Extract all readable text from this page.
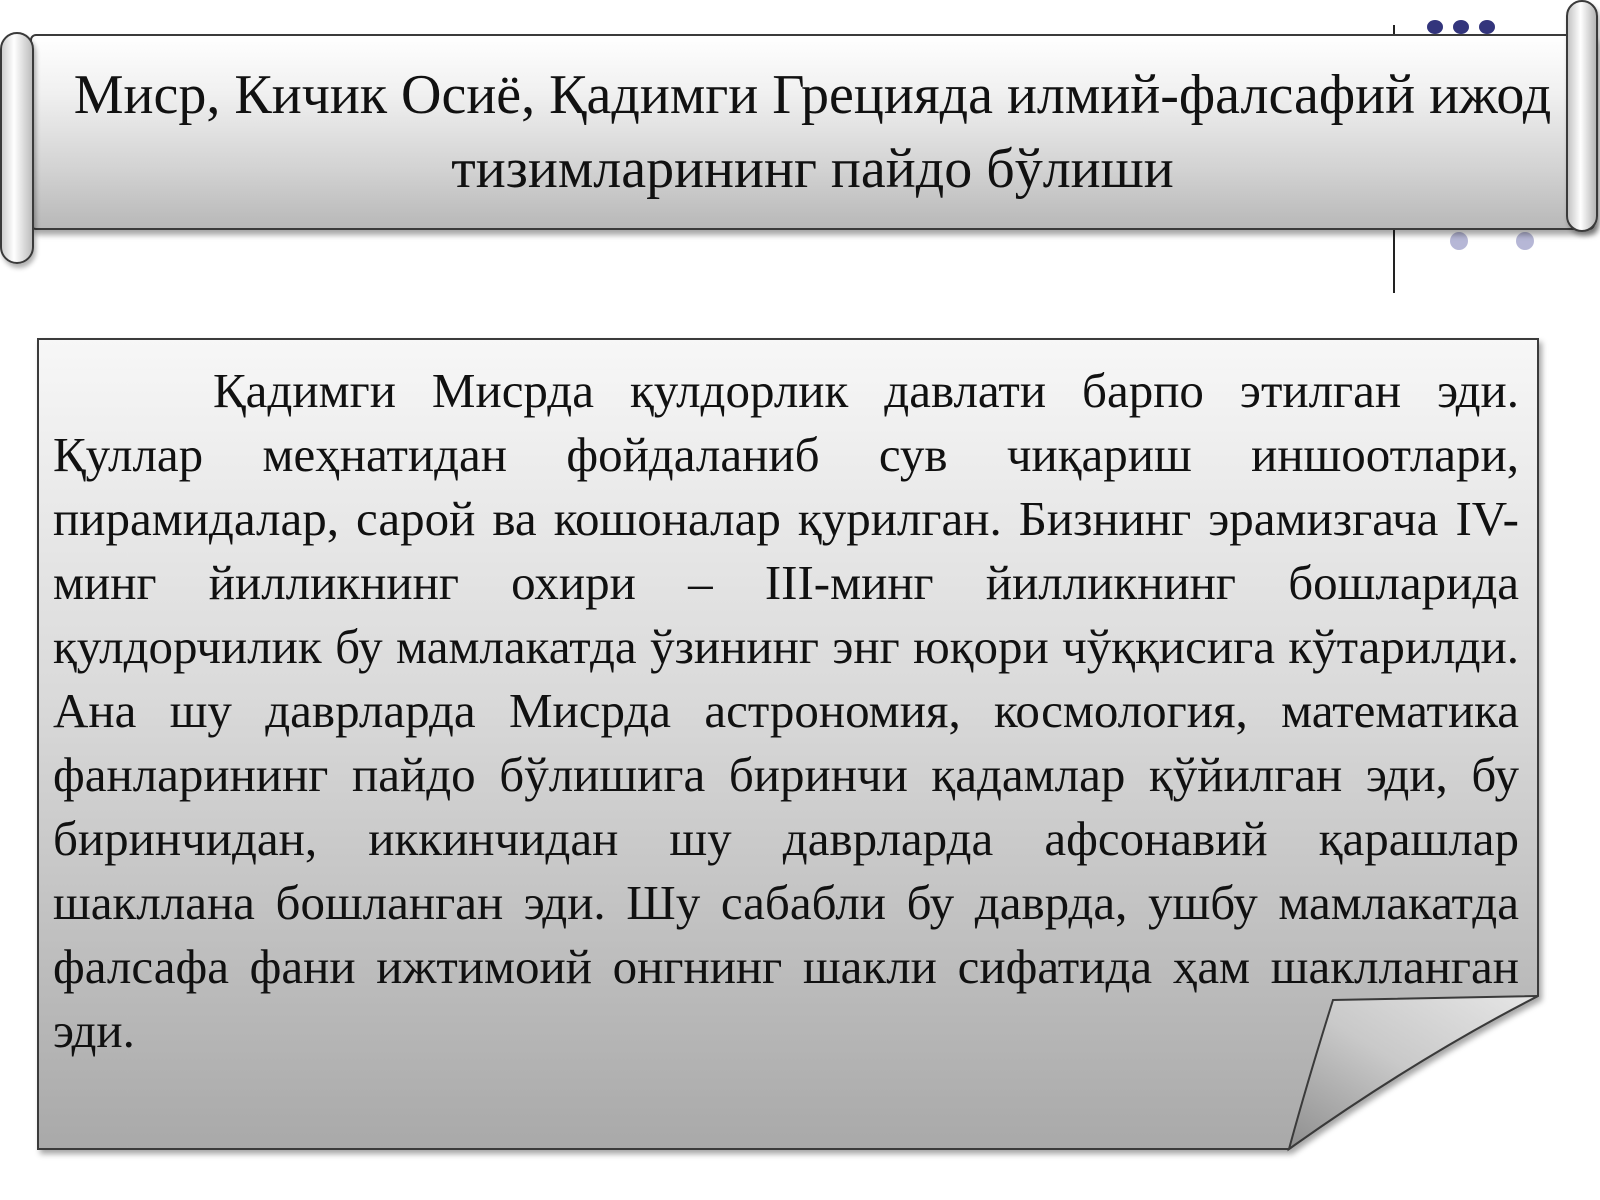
Миср, Кичик Осиё, Қадимги Грецияда илмий-фалсафий ижод тизимларининг пайдо бўлиши

Қадимги Мисрда қулдорлик давлати барпо этилган эди. Қуллар меҳнатидан фойдаланиб сув чиқариш иншоотлари, пирамидалар, сарой ва кошоналар қурилган. Бизнинг эрамизгача IV-минг йилликнинг охири – III-минг йилликнинг бошларида қулдорчилик бу мамлакатда ўзининг энг юқори чўққисига кўтарилди. Ана шу даврларда Мисрда астрономия, космология, математика фанларининг пайдо бўлишига биринчи қадамлар қўйилган эди, бу биринчидан, иккинчидан шу даврларда афсонавий қарашлар шакллана бошланган эди. Шу сабабли бу даврда, ушбу мамлакатда фалсафа фани ижтимоий онгнинг шакли сифатида ҳам шаклланган эди.
